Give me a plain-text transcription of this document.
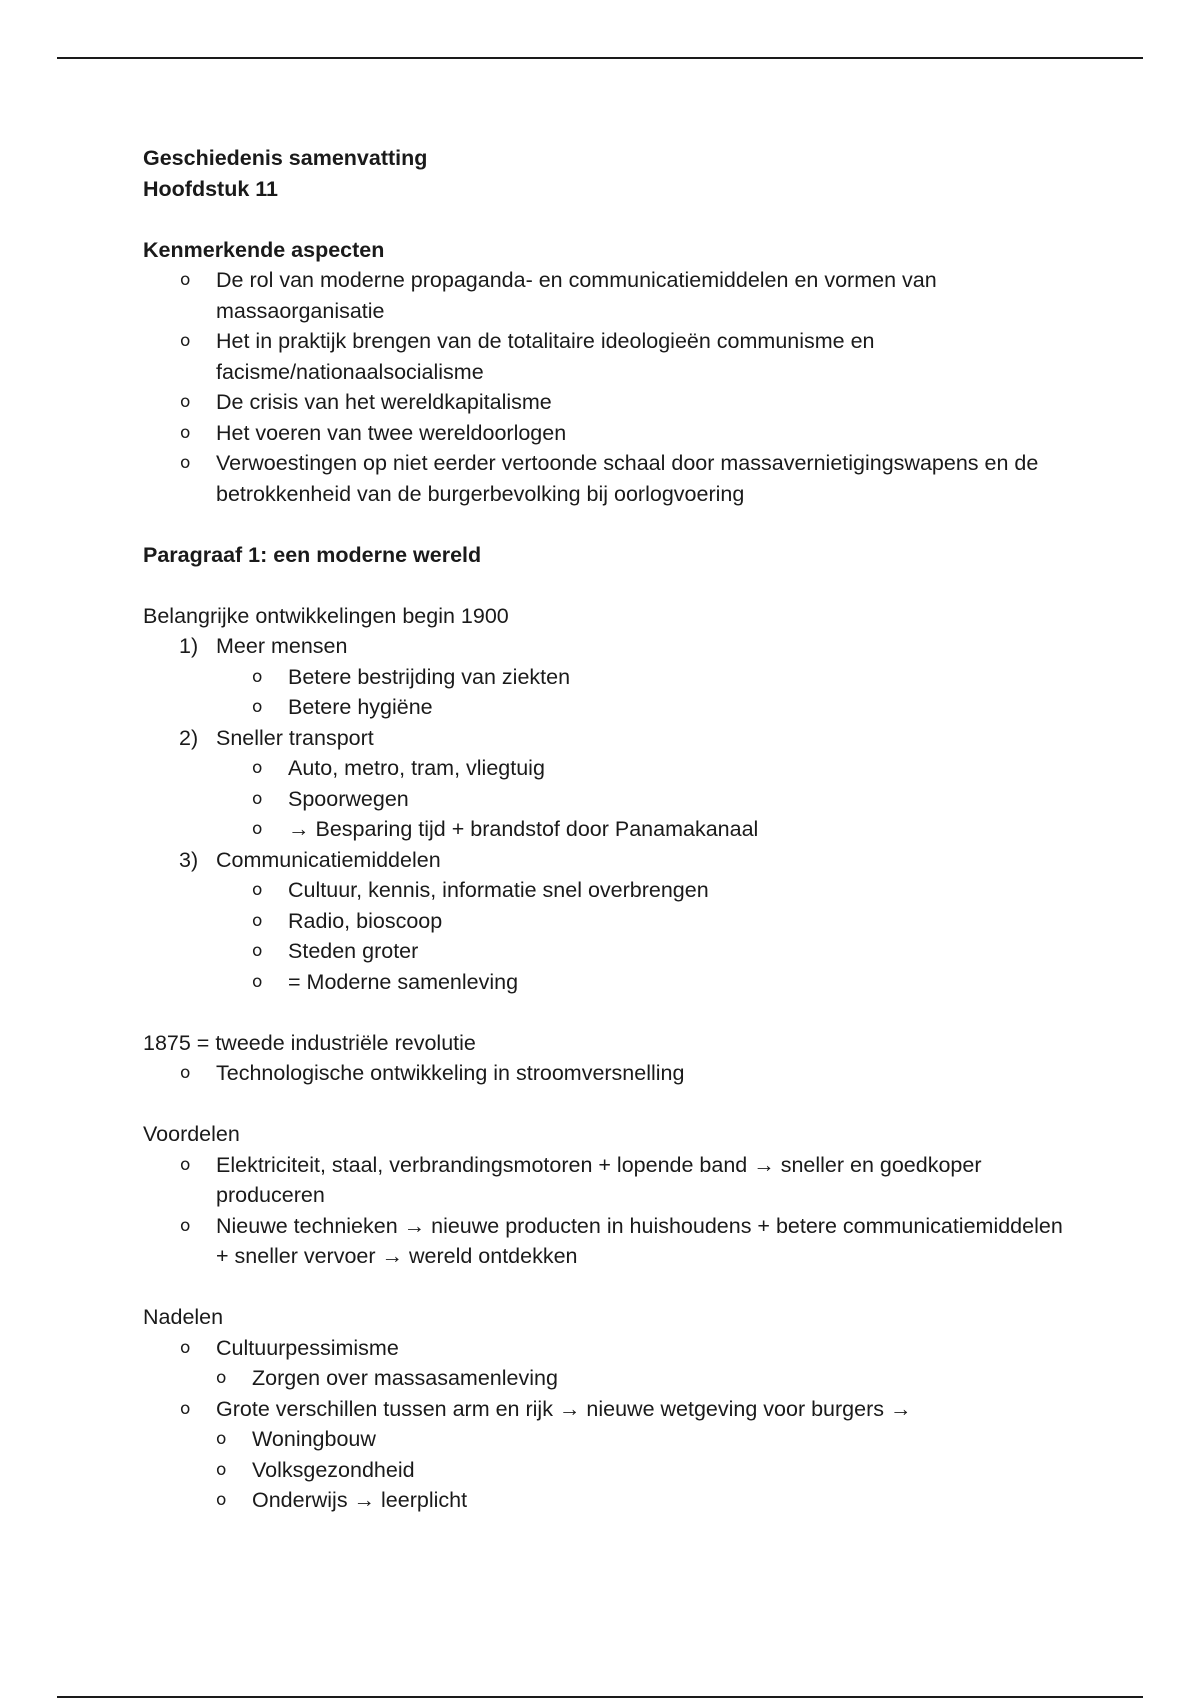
Geschiedenis samenvatting

Hoofdstuk 11

Kenmerkende aspecten

o De rol van moderne propaganda- en communicatiemiddelen en vormen van massaorganisatie
o Het in praktijk brengen van de totalitaire ideologieën communisme en facisme/nationaalsocialisme
o De crisis van het wereldkapitalisme
o Het voeren van twee wereldoorlogen
o Verwoestingen op niet eerder vertoonde schaal door massavernietigingswapens en de betrokkenheid van de burgerbevolking bij oorlogvoering

Paragraaf 1: een moderne wereld

Belangrijke ontwikkelingen begin 1900

1) Meer mensen
o Betere bestrijding van ziekten
o Betere hygiëne
2) Sneller transport
o Auto, metro, tram, vliegtuig
o Spoorwegen
o → Besparing tijd + brandstof door Panamakanaal
3) Communicatiemiddelen
o Cultuur, kennis, informatie snel overbrengen
o Radio, bioscoop
o Steden groter
o = Moderne samenleving

1875 = tweede industriële revolutie

o Technologische ontwikkeling in stroomversnelling

Voordelen

o Elektriciteit, staal, verbrandingsmotoren + lopende band → sneller en goedkoper produceren
o Nieuwe technieken → nieuwe producten in huishoudens + betere communicatiemiddelen + sneller vervoer → wereld ontdekken

Nadelen

o Cultuurpessimisme
o Zorgen over massasamenleving
o Grote verschillen tussen arm en rijk → nieuwe wetgeving voor burgers →
o Woningbouw
o Volksgezondheid
o Onderwijs → leerplicht
